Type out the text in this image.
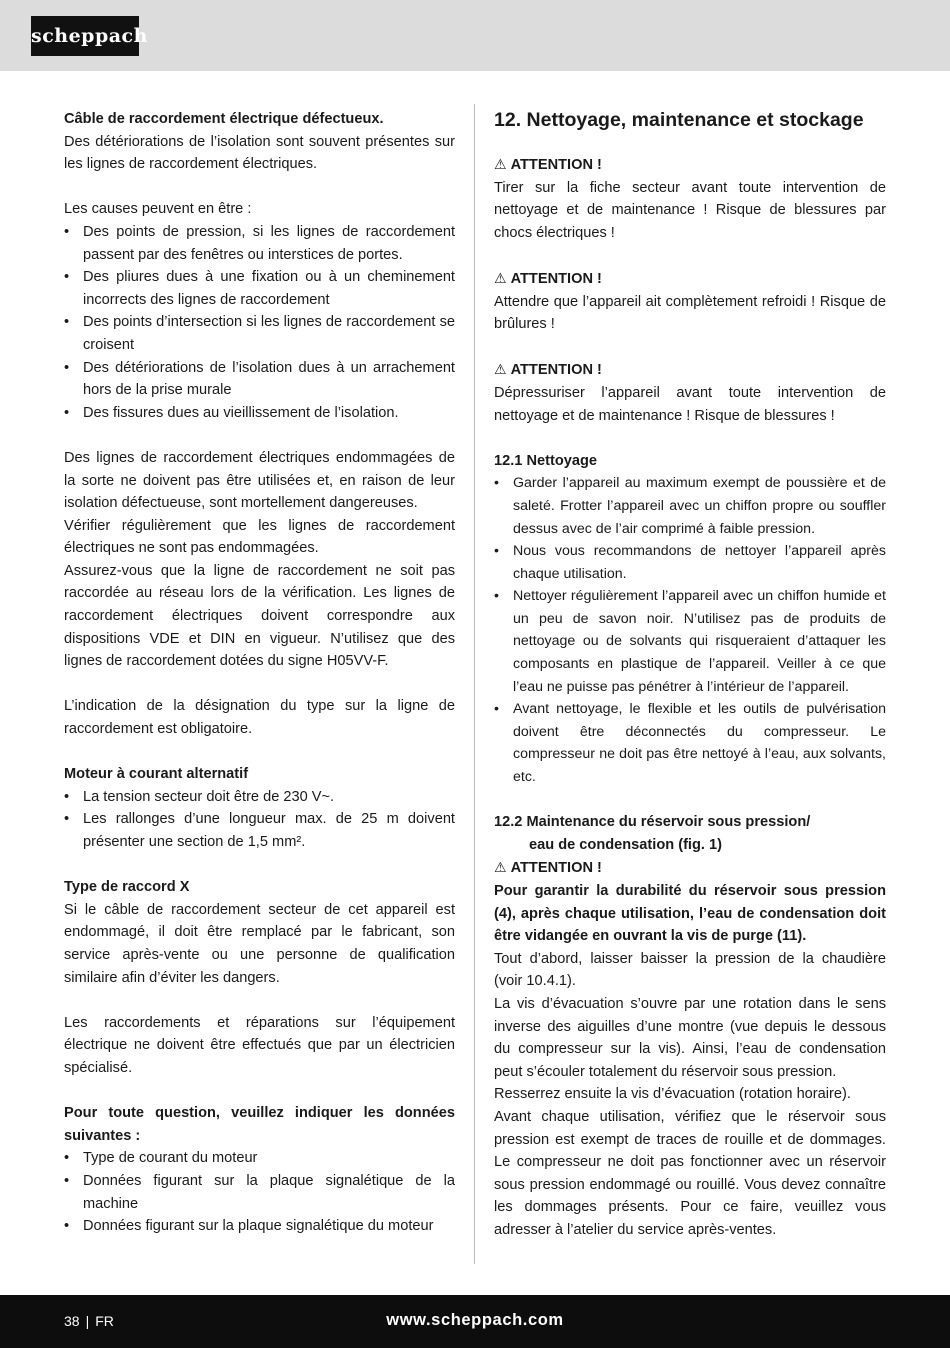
scheppach

Câble de raccordement électrique défectueux.

Des détériorations de l’isolation sont souvent présentes sur les lignes de raccordement électriques.

Les causes peuvent en être :

• Des points de pression, si les lignes de raccordement passent par des fenêtres ou interstices de portes.
• Des pliures dues à une fixation ou à un cheminement incorrects des lignes de raccordement
• Des points d’intersection si les lignes de raccordement se croisent
• Des détériorations de l’isolation dues à un arrachement hors de la prise murale
• Des fissures dues au vieillissement de l’isolation.

Des lignes de raccordement électriques endommagées de la sorte ne doivent pas être utilisées et, en raison de leur isolation défectueuse, sont mortellement dangereuses.

Vérifier régulièrement que les lignes de raccordement électriques ne sont pas endommagées.

Assurez-vous que la ligne de raccordement ne soit pas raccordée au réseau lors de la vérification. Les lignes de raccordement électriques doivent correspondre aux dispositions VDE et DIN en vigueur. N’utilisez que des lignes de raccordement dotées du signe H05VV-F.

L’indication de la désignation du type sur la ligne de raccordement est obligatoire.

Moteur à courant alternatif

• La tension secteur doit être de 230 V~.
• Les rallonges d’une longueur max. de 25 m doivent présenter une section de 1,5 mm².

Type de raccord X

Si le câble de raccordement secteur de cet appareil est endommagé, il doit être remplacé par le fabricant, son service après-vente ou une personne de qualification similaire afin d’éviter les dangers.

Les raccordements et réparations sur l’équipement électrique ne doivent être effectués que par un électricien spécialisé.

Pour toute question, veuillez indiquer les données suivantes :

• Type de courant du moteur
• Données figurant sur la plaque signalétique de la machine
• Données figurant sur la plaque signalétique du moteur
12. Nettoyage, maintenance et stockage

⚠ ATTENTION !

Tirer sur la fiche secteur avant toute intervention de nettoyage et de maintenance ! Risque de blessures par chocs électriques !

⚠ ATTENTION !

Attendre que l’appareil ait complètement refroidi ! Risque de brûlures !

⚠ ATTENTION !

Dépressuriser l’appareil avant toute intervention de nettoyage et de maintenance ! Risque de blessures !

12.1 Nettoyage

• Garder l’appareil au maximum exempt de poussière et de saleté. Frotter l’appareil avec un chiffon propre ou souffler dessus avec de l’air comprimé à faible pression.
• Nous vous recommandons de nettoyer l’appareil après chaque utilisation.
• Nettoyer régulièrement l’appareil avec un chiffon humide et un peu de savon noir. N’utilisez pas de produits de nettoyage ou de solvants qui risqueraient d’attaquer les composants en plastique de l’appareil. Veiller à ce que l’eau ne puisse pas pénétrer à l’intérieur de l’appareil.
• Avant nettoyage, le flexible et les outils de pulvérisation doivent être déconnectés du compresseur. Le compresseur ne doit pas être nettoyé à l’eau, aux solvants, etc.

12.2 Maintenance du réservoir sous pression/

eau de condensation (fig. 1)

⚠ ATTENTION !

Pour garantir la durabilité du réservoir sous pression (4), après chaque utilisation, l’eau de condensation doit être vidangée en ouvrant la vis de purge (11).

Tout d’abord, laisser baisser la pression de la chaudière (voir 10.4.1).

La vis d’évacuation s’ouvre par une rotation dans le sens inverse des aiguilles d’une montre (vue depuis le dessous du compresseur sur la vis). Ainsi, l’eau de condensation peut s’écouler totalement du réservoir sous pression.

Resserrez ensuite la vis d’évacuation (rotation horaire).

Avant chaque utilisation, vérifiez que le réservoir sous pression est exempt de traces de rouille et de dommages. Le compresseur ne doit pas fonctionner avec un réservoir sous pression endommagé ou rouillé. Vous devez connaître les dommages présents. Pour ce faire, veuillez vous adresser à l’atelier du service après-ventes.

38 | FR	www.scheppach.com
